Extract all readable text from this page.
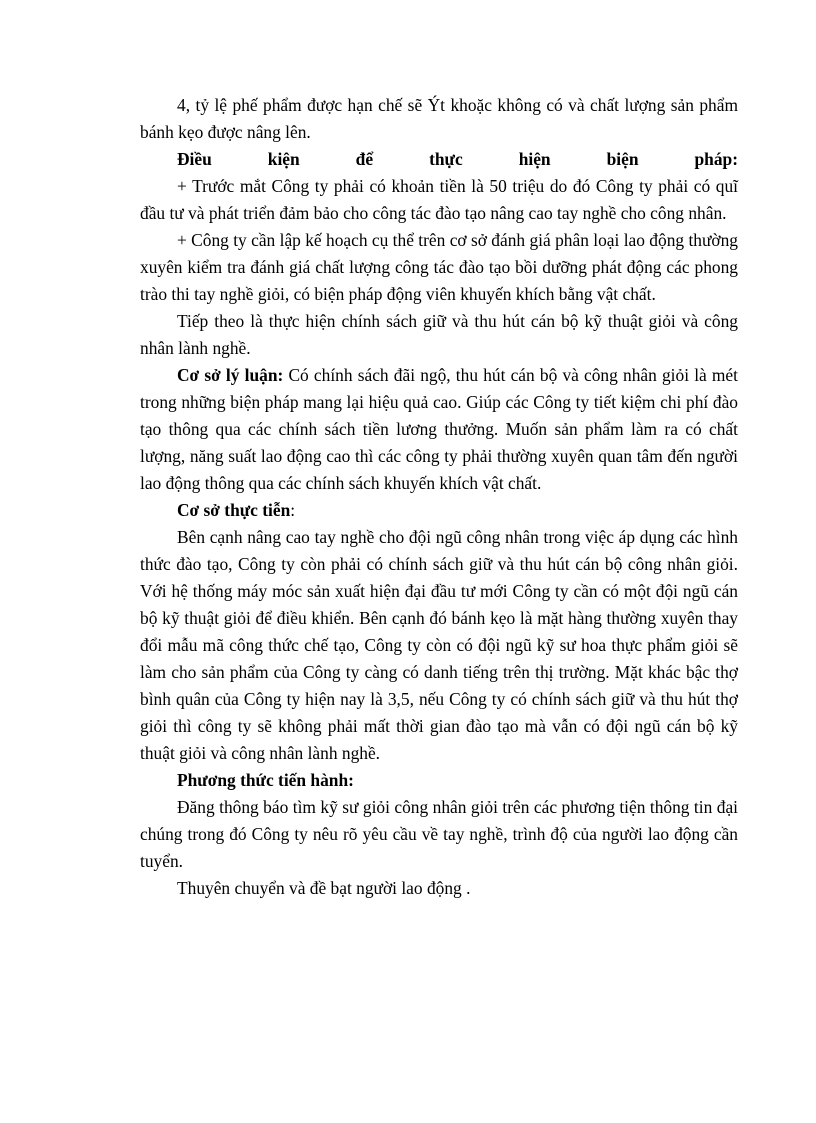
4, tỷ lệ phế phẩm được hạn chế sẽ Ýt khoặc không có và chất lượng sản phẩm bánh kẹo được nâng lên.

Điều kiện để thực hiện biện pháp:

+ Trước mắt Công ty phải có khoản tiền là 50 triệu do đó Công ty phải có quĩ đầu tư và phát triển đảm bảo cho công tác đào tạo nâng cao tay nghề cho công nhân.

+ Công ty cần lập kế hoạch cụ thể trên cơ sở đánh giá phân loại lao động thường xuyên kiểm tra đánh giá chất lượng công tác đào tạo bồi dưỡng phát động các phong trào thi tay nghề giỏi, có biện pháp động viên khuyến khích bằng vật chất.

Tiếp theo là thực hiện chính sách giữ và thu hút cán bộ kỹ thuật giỏi và công nhân lành nghề.

Cơ sở lý luận: Có chính sách đãi ngộ, thu hút cán bộ và công nhân giỏi là mét trong những biện pháp mang lại hiệu quả cao. Giúp các Công ty tiết kiệm chi phí đào tạo thông qua các chính sách tiền lương thưởng. Muốn sản phẩm làm ra có chất lượng, năng suất lao động cao thì các công ty phải thường xuyên quan tâm đến người lao động thông qua các chính sách khuyến khích vật chất.

Cơ sở thực tiễn:

Bên cạnh nâng cao tay nghề cho đội ngũ công nhân trong việc áp dụng các hình thức đào tạo, Công ty còn phải có chính sách giữ và thu hút cán bộ công nhân giỏi. Với hệ thống máy móc sản xuất hiện đại đầu tư mới Công ty cần có một đội ngũ cán bộ kỹ thuật giỏi để điều khiển. Bên cạnh đó bánh kẹo là mặt hàng thường xuyên thay đổi mẫu mã công thức chế tạo, Công ty còn có đội ngũ kỹ sư hoa thực phẩm giỏi sẽ làm cho sản phẩm của Công ty càng có danh tiếng trên thị trường. Mặt khác bậc thợ bình quân của Công ty hiện nay là 3,5, nếu Công ty có chính sách giữ và thu hút thợ giỏi thì công ty sẽ không phải mất thời gian đào tạo mà vẫn có đội ngũ cán bộ kỹ thuật giỏi và công nhân lành nghề.

Phương thức tiến hành:

Đăng thông báo tìm kỹ sư giỏi công nhân giỏi trên các phương tiện thông tin đại chúng trong đó Công ty nêu rõ yêu cầu về tay nghề, trình độ của người lao động cần tuyển.

Thuyên chuyển và đề bạt người lao động .
